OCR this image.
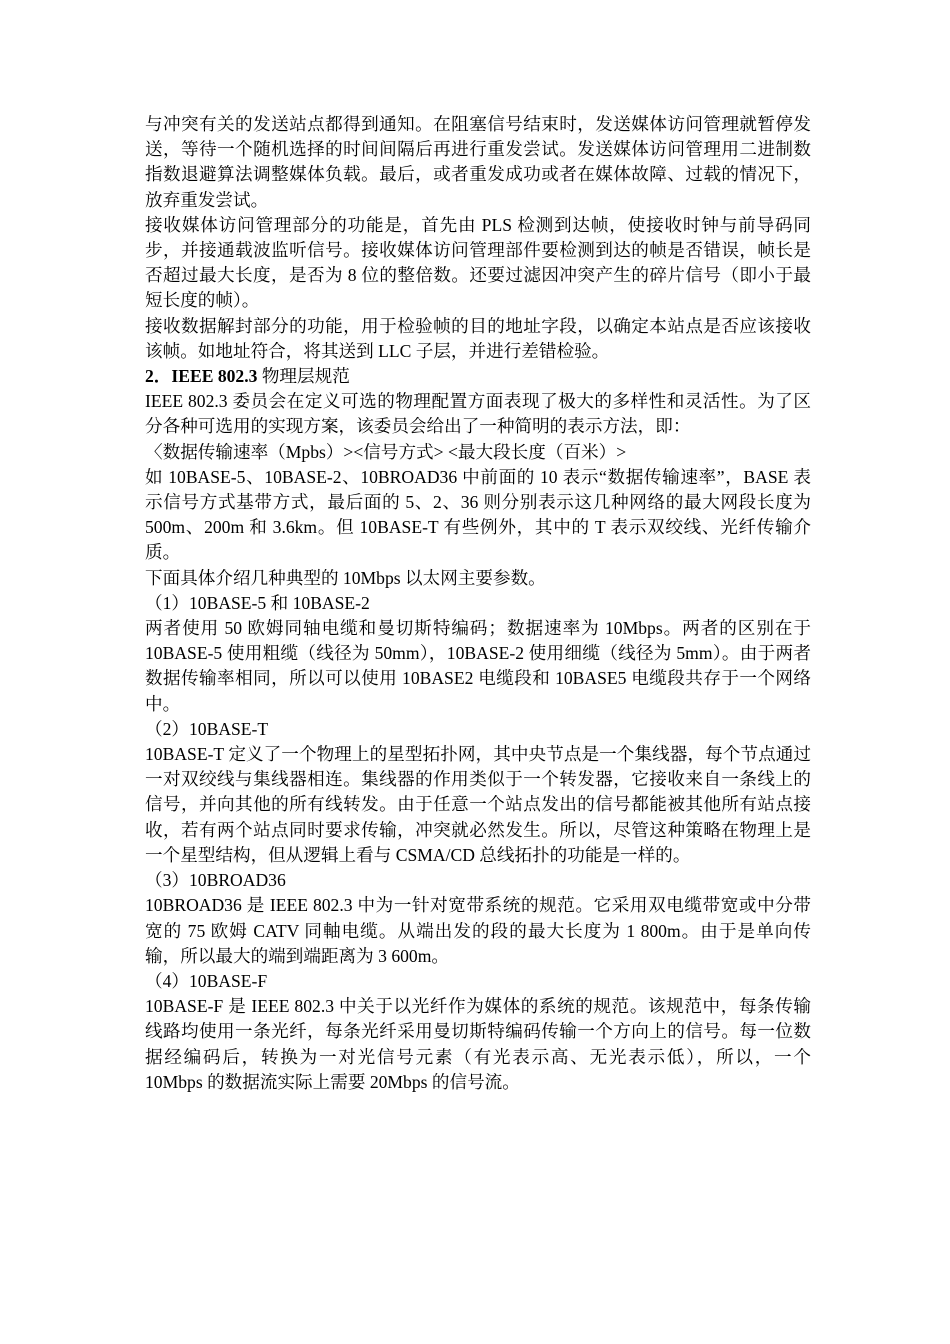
与冲突有关的发送站点都得到通知。在阻塞信号结束时，发送媒体访问管理就暂停发送，等待一个随机选择的时间间隔后再进行重发尝试。发送媒体访问管理用二进制数指数退避算法调整媒体负载。最后，或者重发成功或者在媒体故障、过载的情况下，放弃重发尝试。

接收媒体访问管理部分的功能是，首先由 PLS 检测到达帧，使接收时钟与前导码同步，并接通载波监听信号。接收媒体访问管理部件要检测到达的帧是否错误，帧长是否超过最大长度，是否为 8 位的整倍数。还要过滤因冲突产生的碎片信号（即小于最短长度的帧）。

接收数据解封部分的功能，用于检验帧的目的地址字段，以确定本站点是否应该接收该帧。如地址符合，将其送到 LLC 子层，并进行差错检验。

2．IEEE 802.3 物理层规范

IEEE 802.3 委员会在定义可选的物理配置方面表现了极大的多样性和灵活性。为了区分各种可选用的实现方案，该委员会给出了一种简明的表示方法，即：

〈数据传输速率（Mpbs）><信号方式> <最大段长度（百米）>

如 10BASE-5、10BASE-2、10BROAD36 中前面的 10 表示“数据传输速率”，BASE 表示信号方式基带方式，最后面的 5、2、36 则分别表示这几种网络的最大网段长度为 500m、200m 和 3.6km。但 10BASE-T 有些例外，其中的 T 表示双绞线、光纤传输介质。

下面具体介绍几种典型的 10Mbps 以太网主要参数。

（1）10BASE-5 和 10BASE-2

两者使用 50 欧姆同轴电缆和曼切斯特编码；数据速率为 10Mbps。两者的区别在于 10BASE-5 使用粗缆（线径为 50mm），10BASE-2 使用细缆（线径为 5mm）。由于两者数据传输率相同，所以可以使用 10BASE2 电缆段和 10BASE5 电缆段共存于一个网络中。

（2）10BASE-T

10BASE-T 定义了一个物理上的星型拓扑网，其中央节点是一个集线器，每个节点通过一对双绞线与集线器相连。集线器的作用类似于一个转发器，它接收来自一条线上的信号，并向其他的所有线转发。由于任意一个站点发出的信号都能被其他所有站点接收，若有两个站点同时要求传输，冲突就必然发生。所以，尽管这种策略在物理上是一个星型结构，但从逻辑上看与 CSMA/CD 总线拓扑的功能是一样的。

（3）10BROAD36

10BROAD36 是 IEEE 802.3 中为一针对宽带系统的规范。它采用双电缆带宽或中分带宽的 75 欧姆 CATV 同軸电缆。从端出发的段的最大长度为 1 800m。由于是单向传输，所以最大的端到端距离为 3 600m。

（4）10BASE-F

10BASE-F 是 IEEE 802.3 中关于以光纤作为媒体的系统的规范。该规范中，每条传输线路均使用一条光纤，每条光纤采用曼切斯特编码传输一个方向上的信号。每一位数据经编码后，转换为一对光信号元素（有光表示高、无光表示低），所以，一个 10Mbps 的数据流实际上需要 20Mbps 的信号流。
